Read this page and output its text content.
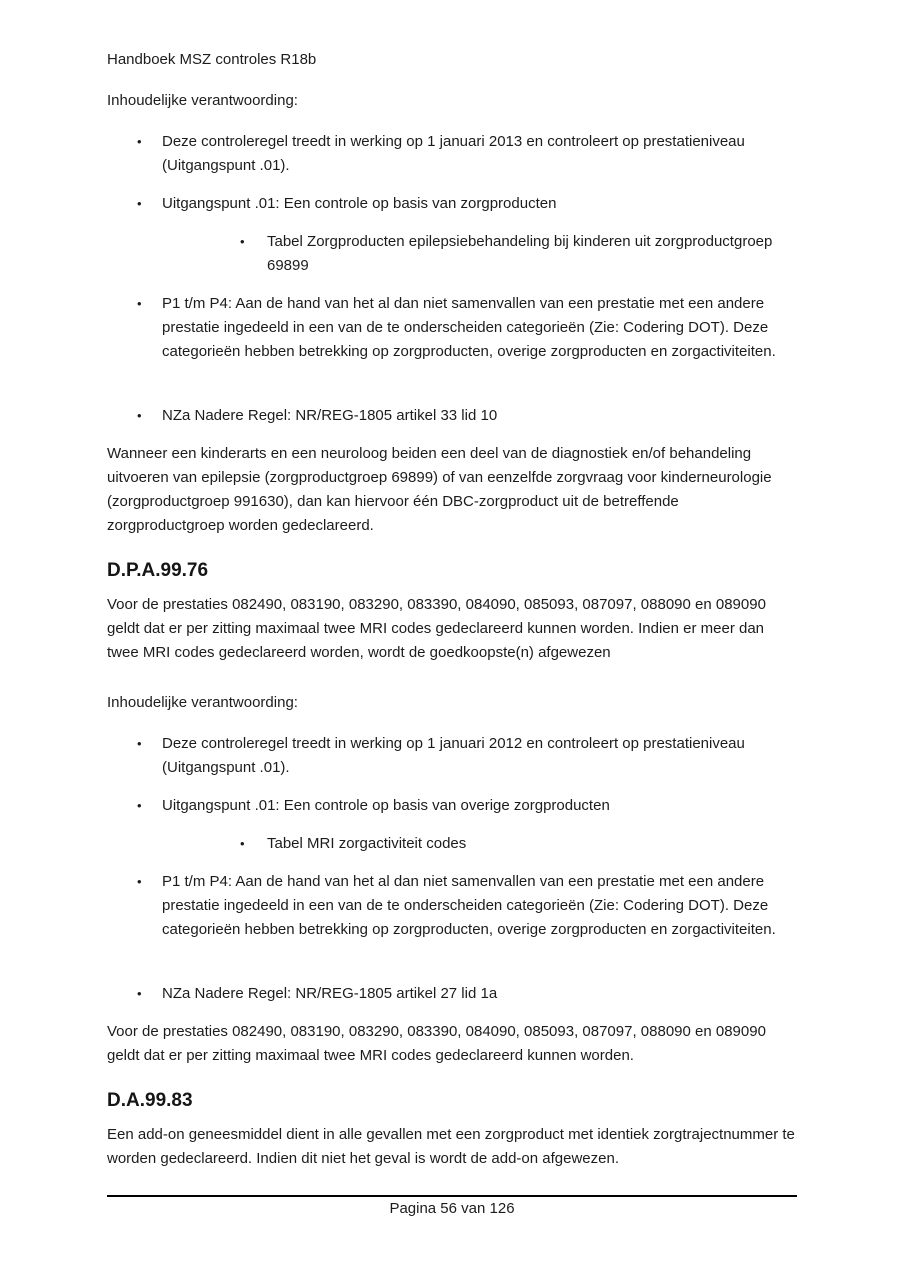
Handboek MSZ controles R18b

Inhoudelijke verantwoording:

•	Deze controleregel treedt in werking op 1 januari 2013 en controleert op prestatieniveau (Uitgangspunt .01).
•	Uitgangspunt .01: Een controle op basis van zorgproducten
•	Tabel Zorgproducten epilepsiebehandeling bij kinderen uit zorgproductgroep 69899
•	P1 t/m P4: Aan de hand van het al dan niet samenvallen van een prestatie met een andere prestatie ingedeeld in een van de te onderscheiden categorieën (Zie: Codering DOT). Deze categorieën hebben betrekking op zorgproducten, overige zorgproducten en zorgactiviteiten.
•	NZa Nadere Regel: NR/REG-1805 artikel 33 lid 10

Wanneer een kinderarts en een neuroloog beiden een deel van de diagnostiek en/of behandeling uitvoeren van epilepsie (zorgproductgroep 69899) of van eenzelfde zorgvraag voor kinderneurologie (zorgproductgroep 991630), dan kan hiervoor één DBC-zorgproduct uit de betreffende zorgproductgroep worden gedeclareerd.

D.P.A.99.76

Voor de prestaties 082490, 083190, 083290, 083390, 084090, 085093, 087097, 088090 en 089090 geldt dat er per zitting maximaal twee MRI codes gedeclareerd kunnen worden. Indien er meer dan twee MRI codes gedeclareerd worden, wordt de goedkoopste(n) afgewezen

Inhoudelijke verantwoording:

•	Deze controleregel treedt in werking op 1 januari 2012 en controleert op prestatieniveau (Uitgangspunt .01).
•	Uitgangspunt .01: Een controle op basis van overige zorgproducten
•	Tabel MRI zorgactiviteit codes
•	P1 t/m P4: Aan de hand van het al dan niet samenvallen van een prestatie met een andere prestatie ingedeeld in een van de te onderscheiden categorieën (Zie: Codering DOT). Deze categorieën hebben betrekking op zorgproducten, overige zorgproducten en zorgactiviteiten.
•	NZa Nadere Regel: NR/REG-1805 artikel 27 lid 1a

Voor de prestaties 082490, 083190, 083290, 083390, 084090, 085093, 087097, 088090 en 089090 geldt dat er per zitting maximaal twee MRI codes gedeclareerd kunnen worden.

D.A.99.83

Een add-on geneesmiddel dient in alle gevallen met een zorgproduct met identiek zorgtrajectnummer te worden gedeclareerd. Indien dit niet het geval is wordt de add-on afgewezen.

Pagina 56 van 126
